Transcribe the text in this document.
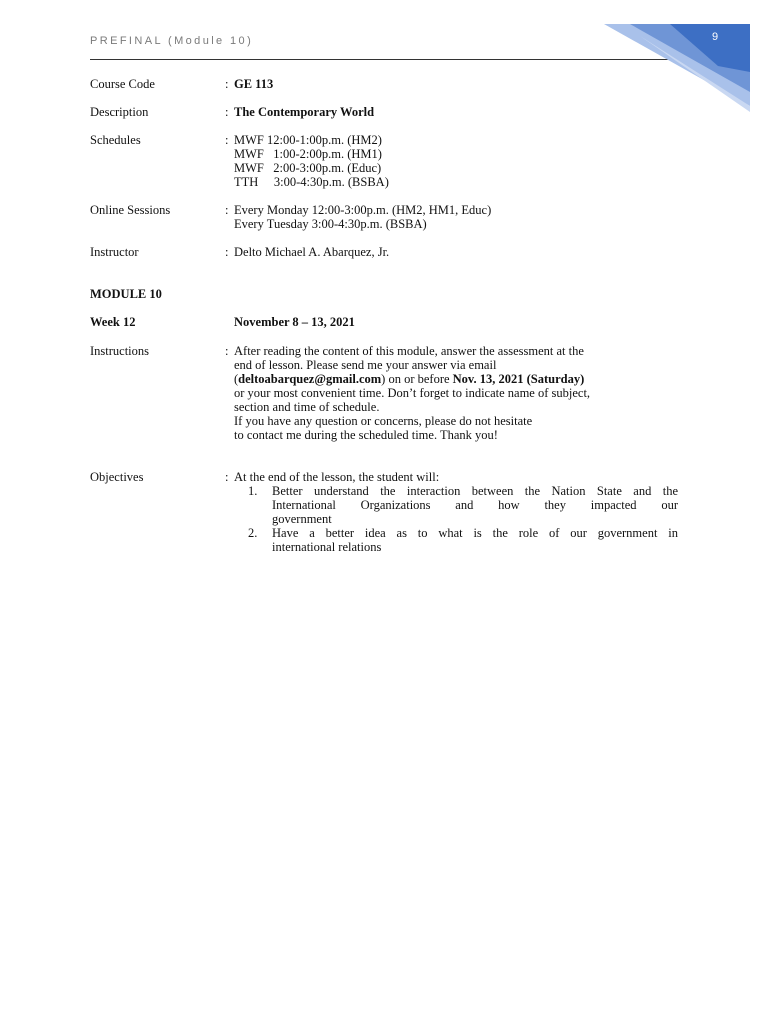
PREFINAL (Module 10)	9
Course Code	: GE 113
Description	: The Contemporary World
Schedules	: MWF 12:00-1:00p.m. (HM2)
MWF   1:00-2:00p.m. (HM1)
MWF   2:00-3:00p.m. (Educ)
TTH     3:00-4:30p.m. (BSBA)
Online Sessions	: Every Monday 12:00-3:00p.m. (HM2, HM1, Educ)
Every Tuesday 3:00-4:30p.m. (BSBA)
Instructor	: Delto Michael A. Abarquez, Jr.
MODULE 10
Week 12	November 8 – 13, 2021
Instructions	: After reading the content of this module, answer the assessment at the
end of lesson. Please send me your answer via email
(deltoabarquez@gmail.com) on or before Nov. 13, 2021 (Saturday)
or your most convenient time. Don’t forget to indicate name of subject,
section and time of schedule.
If you have any question or concerns, please do not hesitate
to contact me during the scheduled time. Thank you!
Objectives	: At the end of the lesson, the student will:
1. Better understand the interaction between the Nation State and the
International   Organizations   and   how   they   impacted   our
government
2. Have a better idea as to what is the role of our government in
international relations
